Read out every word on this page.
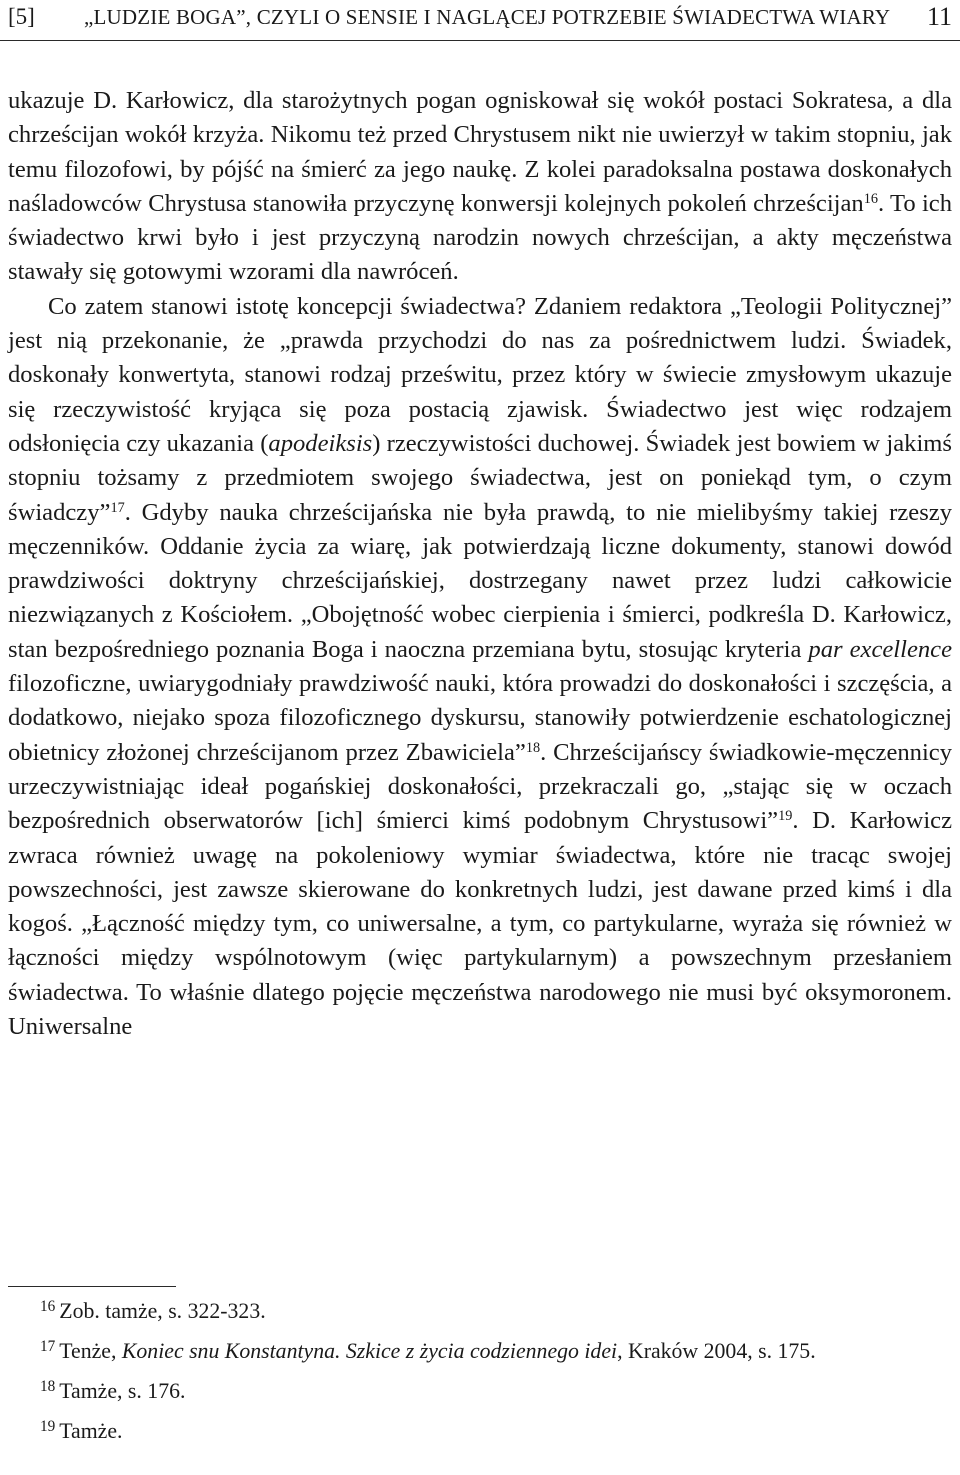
[5] „LUDZIE BOGA”, CZYLI O SENSIE I NAGLĄCEJ POTRZEBIE ŚWIADECTWA WIARY 11

ukazuje D. Karłowicz, dla starożytnych pogan ogniskował się wokół postaci Sokratesa, a dla chrześcijan wokół krzyża. Nikomu też przed Chrystusem nikt nie uwierzył w takim stopniu, jak temu filozofowi, by pójść na śmierć za jego naukę. Z kolei paradoksalna postawa doskonałych naśladowców Chrystusa stanowiła przyczynę konwersji kolejnych pokoleń chrześcijan$^{16}$. To ich świadectwo krwi było i jest przyczyną narodzin nowych chrześcijan, a akty męczeństwa stawały się gotowymi wzorami dla nawróceń.

Co zatem stanowi istotę koncepcji świadectwa? Zdaniem redaktora „Teologii Politycznej” jest nią przekonanie, że „prawda przychodzi do nas za pośrednictwem ludzi. Świadek, doskonały konwertyta, stanowi rodzaj prześwitu, przez który w świecie zmysłowym ukazuje się rzeczywistość kryjąca się poza postacią zjawisk. Świadectwo jest więc rodzajem odsłonięcia czy ukazania (apodeiksis) rzeczywistości duchowej. Świadek jest bowiem w jakimś stopniu tożsamy z przedmiotem swojego świadectwa, jest on poniekąd tym, o czym świadczy”$^{17}$. Gdyby nauka chrześcijańska nie była prawdą, to nie mielibyśmy takiej rzeszy męczenników. Oddanie życia za wiarę, jak potwierdzają liczne dokumenty, stanowi dowód prawdziwości doktryny chrześcijańskiej, dostrzegany nawet przez ludzi całkowicie niezwiązanych z Kościołem. „Obojętność wobec cierpienia i śmierci, podkreśla D. Karłowicz, stan bezpośredniego poznania Boga i naoczna przemiana bytu, stosując kryteria par excellence filozoficzne, uwiarygodniały prawdziwość nauki, która prowadzi do doskonałości i szczęścia, a dodatkowo, niejako spoza filozoficznego dyskursu, stanowiły potwierdzenie eschatologicznej obietnicy złożonej chrześcijanom przez Zbawiciela”$^{18}$. Chrześcijańscy świadkowie-męczennicy urzeczywistniając ideał pogańskiej doskonałości, przekraczali go, „stając się w oczach bezpośrednich obserwatorów [ich] śmierci kimś podobnym Chrystusowi”$^{19}$. D. Karłowicz zwraca również uwagę na pokoleniowy wymiar świadectwa, które nie tracąc swojej powszechności, jest zawsze skierowane do konkretnych ludzi, jest dawane przed kimś i dla kogoś. „Łączność między tym, co uniwersalne, a tym, co partykularne, wyraża się również w łączności między wspólnotowym (więc partykularnym) a powszechnym przesłaniem świadectwa. To właśnie dlatego pojęcie męczeństwa narodowego nie musi być oksymoronem. Uniwersalne

$^{16}$ Zob. tamże, s. 322-323.

$^{17}$ Tenże, Koniec snu Konstantyna. Szkice z życia codziennego idei, Kraków 2004, s. 175.

$^{18}$ Tamże, s. 176.

$^{19}$ Tamże.
